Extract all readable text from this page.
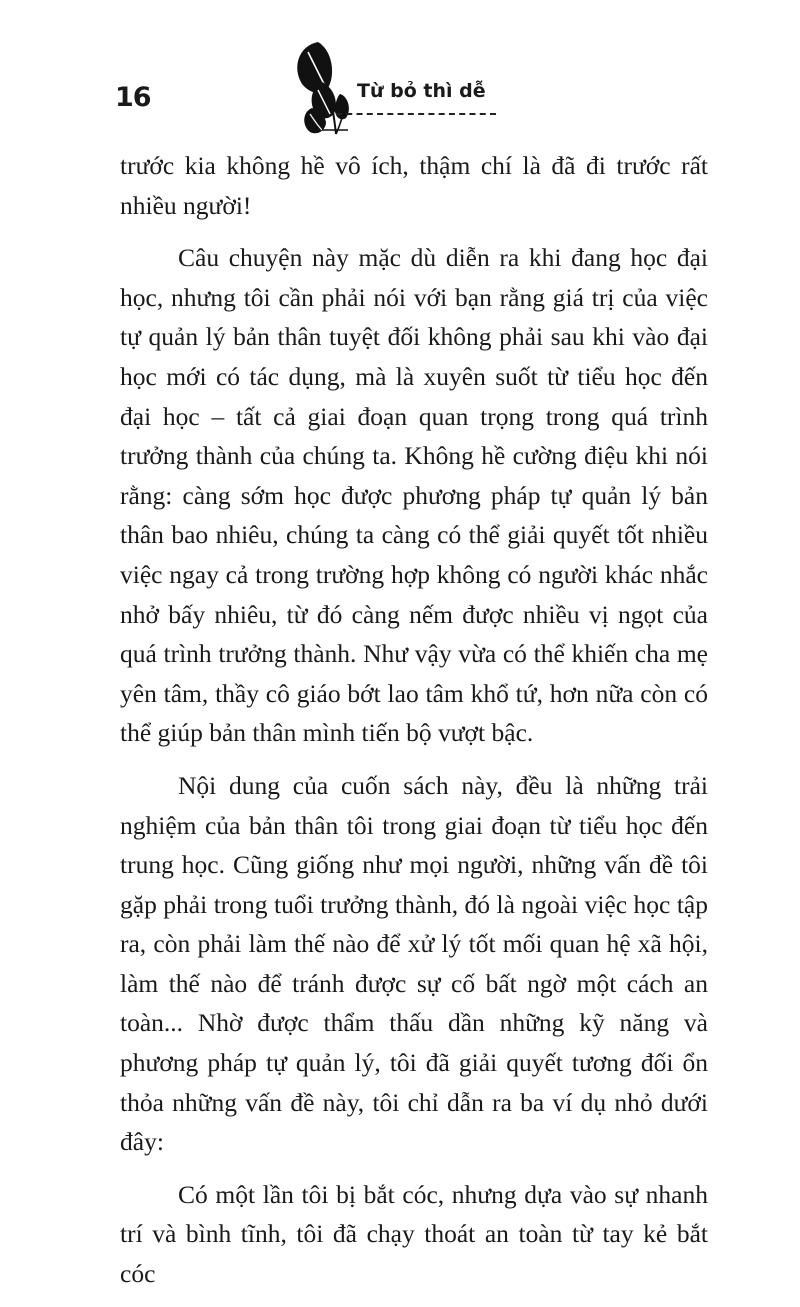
16	Từ bỏ thì dễ

trước kia không hề vô ích, thậm chí là đã đi trước rất nhiều người!

Câu chuyện này mặc dù diễn ra khi đang học đại học, nhưng tôi cần phải nói với bạn rằng giá trị của việc tự quản lý bản thân tuyệt đối không phải sau khi vào đại học mới có tác dụng, mà là xuyên suốt từ tiểu học đến đại học – tất cả giai đoạn quan trọng trong quá trình trưởng thành của chúng ta. Không hề cường điệu khi nói rằng: càng sớm học được phương pháp tự quản lý bản thân bao nhiêu, chúng ta càng có thể giải quyết tốt nhiều việc ngay cả trong trường hợp không có người khác nhắc nhở bấy nhiêu, từ đó càng nếm được nhiều vị ngọt của quá trình trưởng thành. Như vậy vừa có thể khiến cha mẹ yên tâm, thầy cô giáo bớt lao tâm khổ tứ, hơn nữa còn có thể giúp bản thân mình tiến bộ vượt bậc.

Nội dung của cuốn sách này, đều là những trải nghiệm của bản thân tôi trong giai đoạn từ tiểu học đến trung học. Cũng giống như mọi người, những vấn đề tôi gặp phải trong tuổi trưởng thành, đó là ngoài việc học tập ra, còn phải làm thế nào để xử lý tốt mối quan hệ xã hội, làm thế nào để tránh được sự cố bất ngờ một cách an toàn... Nhờ được thẩm thấu dần những kỹ năng và phương pháp tự quản lý, tôi đã giải quyết tương đối ổn thỏa những vấn đề này, tôi chỉ dẫn ra ba ví dụ nhỏ dưới đây:

Có một lần tôi bị bắt cóc, nhưng dựa vào sự nhanh trí và bình tĩnh, tôi đã chạy thoát an toàn từ tay kẻ bắt cóc
